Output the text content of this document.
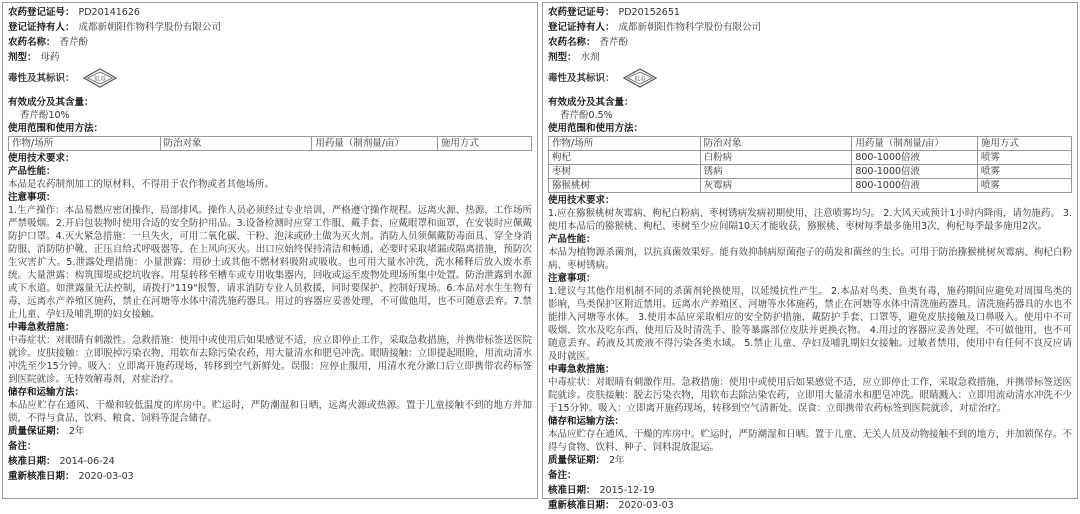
农药登记证号： PD20141626
登记证持有人： 成都新朝阳作物科学股份有限公司
农药名称： 香芹酚
剂型： 母药
毒性及其标识：	低毒
有效成分及其含量：
香芹酚10%
使用范围和使用方法：
作物/场所	防治对象	用药量（制剂量/亩）	施用方式
使用技术要求：
产品性能：
本品是农药制剂加工的原材料，不得用于农作物或者其他场所。
注意事项：
1.生产操作：本品易燃应密闭操作，局部排风。操作人员必须经过专业培训，严格遵守操作规程。远离火源、热源，工作场所严禁吸烟。2.开启包装物时使用合适的安全防护用品。3.设备检测时应穿工作服、戴手套、应戴眼罩和面罩，在安装时应佩戴防护口罩。4.灭火紧急措施：一旦失火，可用二氧化碳、干粉、泡沫或砂土做为灭火剂。消防人员须佩戴防毒面具、穿全身消防服、消防防护靴、正压自给式呼吸器等，在上风向灭火。出口应始终保持清洁和畅通，必要时采取堵漏或隔离措施，预防次生灾害扩大。5.泄露处理措施：小量泄露：用砂土或其他不燃材料吸附或吸收。也可用大量水冲洗，洗水稀释后放入废水系统。大量泄露：构筑围堤或挖坑收容。用泵转移至槽车或专用收集器内，回收或运至废物处理场所集中处置。防治泄露到水源或下水道。如泄露量无法控制，请拨打"119"报警，请求消防专业人员救援，同时要保护、控制好现场。6.本品对水生生物有毒，远离水产养殖区施药，禁止在河塘等水体中清洗施药器具。用过的容器应妥善处理，不可做他用，也不可随意丢弃。7.禁止儿童、孕妇及哺乳期的妇女接触。
中毒急救措施：
中毒症状：对眼睛有刺激性。急救措施：使用中或使用后如果感觉不适，应立即停止工作，采取急救措施，并携带标签送医院就诊。皮肤接触：立即脱掉污染衣物，用软布去除污染农药，用大量清水和肥皂冲洗。眼睛接触：立即提起眼睑，用流动清水冲洗至少15分钟。吸入：立即离开施药现场，转移到空气新鲜处。误服：应停止服用，用清水充分漱口后立即携带农药标签到医院就诊。无特效解毒剂，对症治疗。
储存和运输方法：
本品应贮存在通风、干燥和较低温度的库房中。贮运时，严防潮湿和日晒，远离火源或热源。置于儿童接触不到的地方并加锁，不得与食品、饮料、粮食、饲料等混合储存。
质量保证期： 2年
备注：
核准日期： 2014-06-24
重新核准日期： 2020-03-03
农药登记证号： PD20152651
登记证持有人： 成都新朝阳作物科学股份有限公司
农药名称： 香芹酚
剂型： 水剂
毒性及其标识：	低毒
有效成分及其含量：
香芹酚0.5%
使用范围和使用方法：
作物/场所	防治对象	用药量（制剂量/亩）	施用方式
枸杞	白粉病	800-1000倍液	喷雾
枣树	锈病	800-1000倍液	喷雾
猕猴桃树	灰霉病	800-1000倍液	喷雾
使用技术要求：
1.应在猕猴桃树灰霉病、枸杞白粉病、枣树锈病发病初期使用，注意喷雾均匀。 2.大风天或预计1小时内降雨，请勿施药。 3.使用本品后的猕猴桃、枸杞、枣树至少应间隔10天才能收获，猕猴桃、枣树每季最多施用3次，枸杞每季最多施用2次。
产品性能：
本品为植物源杀菌剂，以抗真菌效果好。能有效抑制病原菌孢子的萌发和菌丝的生长。可用于防治猕猴桃树灰霉病、枸杞白粉病、枣树锈病。
注意事项：
1.建议与其他作用机制不同的杀菌剂轮换使用，以延缓抗性产生。 2.本品对鸟类、鱼类有毒，施药期间应避免对周围鸟类的影响，鸟类保护区附近禁用。远离水产养殖区、河塘等水体施药，禁止在河塘等水体中清洗施药器具。清洗施药器具的水也不能排入河塘等水体。 3.使用本品应采取相应的安全防护措施，戴防护手套、口罩等，避免皮肤接触及口鼻吸入。使用中不可吸烟、饮水及吃东西，使用后及时清洗手、脸等暴露部位皮肤并更换衣物。 4.用过的容器应妥善处理，不可做他用，也不可随意丢弃。药液及其废液不得污染各类水域。 5.禁止儿童、孕妇及哺乳期妇女接触。过敏者禁用，使用中有任何不良反应请及时就医。
中毒急救措施：
中毒症状：对眼睛有刺激作用。急救措施：使用中或使用后如果感觉不适，应立即停止工作，采取急救措施，并携带标签送医院就诊。皮肤接触：脱去污染衣物，用软布去除沾染农药，立即用大量清水和肥皂冲洗。眼睛溅入：立即用流动清水冲洗不少于15分钟。吸入：立即离开施药现场，转移到空气清新处。误食：立即携带农药标签到医院就诊，对症治疗。
储存和运输方法：
本品应贮存在通风、干燥的库房中。贮运时，严防潮湿和日晒。置于儿童、无关人员及动物接触不到的地方，并加锁保存。不得与食物、饮料、种子、饲料混放混运。
质量保证期： 2年
备注：
核准日期： 2015-12-19
重新核准日期： 2020-03-03
